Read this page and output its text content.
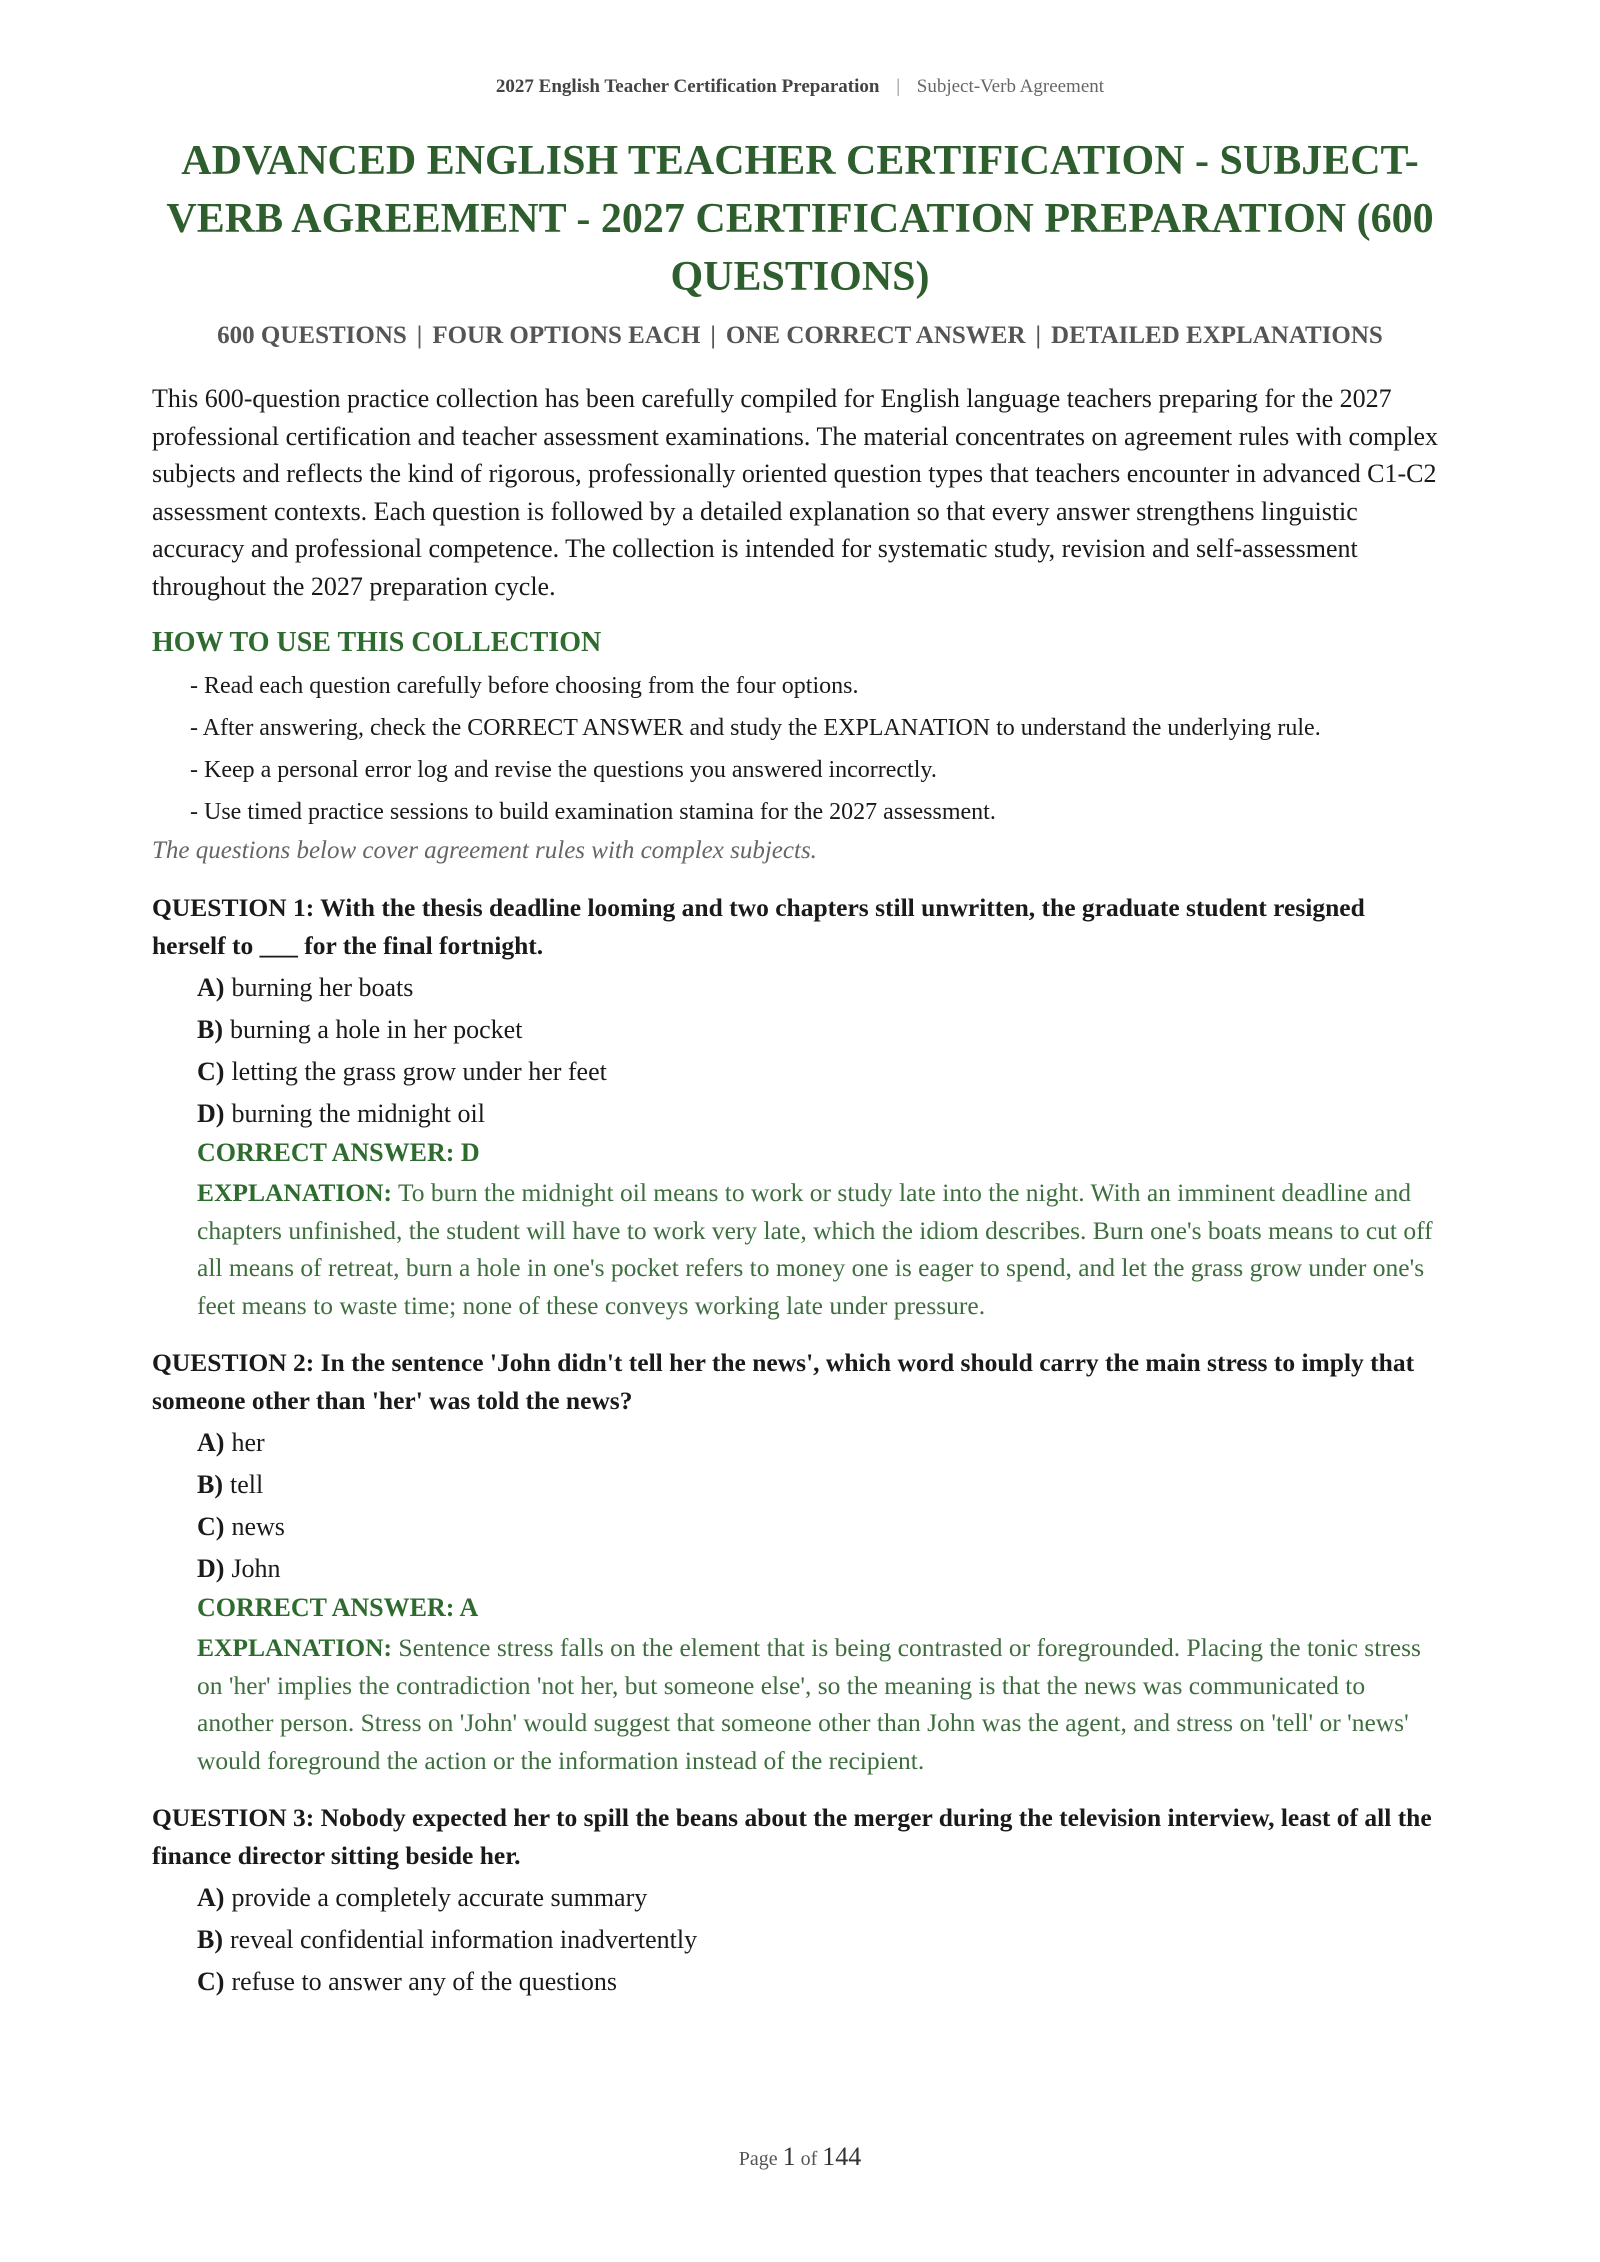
2027 English Teacher Certification Preparation | Subject-Verb Agreement
ADVANCED ENGLISH TEACHER CERTIFICATION - SUBJECT-VERB AGREEMENT - 2027 CERTIFICATION PREPARATION (600 QUESTIONS)
600 QUESTIONS | FOUR OPTIONS EACH | ONE CORRECT ANSWER | DETAILED EXPLANATIONS

This 600-question practice collection has been carefully compiled for English language teachers preparing for the 2027 professional certification and teacher assessment examinations. The material concentrates on agreement rules with complex subjects and reflects the kind of rigorous, professionally oriented question types that teachers encounter in advanced C1-C2 assessment contexts. Each question is followed by a detailed explanation so that every answer strengthens linguistic accuracy and professional competence. The collection is intended for systematic study, revision and self-assessment throughout the 2027 preparation cycle.

HOW TO USE THIS COLLECTION
- Read each question carefully before choosing from the four options.
- After answering, check the CORRECT ANSWER and study the EXPLANATION to understand the underlying rule.
- Keep a personal error log and revise the questions you answered incorrectly.
- Use timed practice sessions to build examination stamina for the 2027 assessment.

The questions below cover agreement rules with complex subjects.

QUESTION 1: With the thesis deadline looming and two chapters still unwritten, the graduate student resigned herself to ___ for the final fortnight.

A) burning her boats
B) burning a hole in her pocket
C) letting the grass grow under her feet
D) burning the midnight oil
CORRECT ANSWER: D

EXPLANATION: To burn the midnight oil means to work or study late into the night. With an imminent deadline and chapters unfinished, the student will have to work very late, which the idiom describes. Burn one's boats means to cut off all means of retreat, burn a hole in one's pocket refers to money one is eager to spend, and let the grass grow under one's feet means to waste time; none of these conveys working late under pressure.

QUESTION 2: In the sentence 'John didn't tell her the news', which word should carry the main stress to imply that someone other than 'her' was told the news?

A) her
B) tell
C) news
D) John
CORRECT ANSWER: A

EXPLANATION: Sentence stress falls on the element that is being contrasted or foregrounded. Placing the tonic stress on 'her' implies the contradiction 'not her, but someone else', so the meaning is that the news was communicated to another person. Stress on 'John' would suggest that someone other than John was the agent, and stress on 'tell' or 'news' would foreground the action or the information instead of the recipient.

QUESTION 3: Nobody expected her to spill the beans about the merger during the television interview, least of all the finance director sitting beside her.

A) provide a completely accurate summary
B) reveal confidential information inadvertently
C) refuse to answer any of the questions
Page 1 of 144
